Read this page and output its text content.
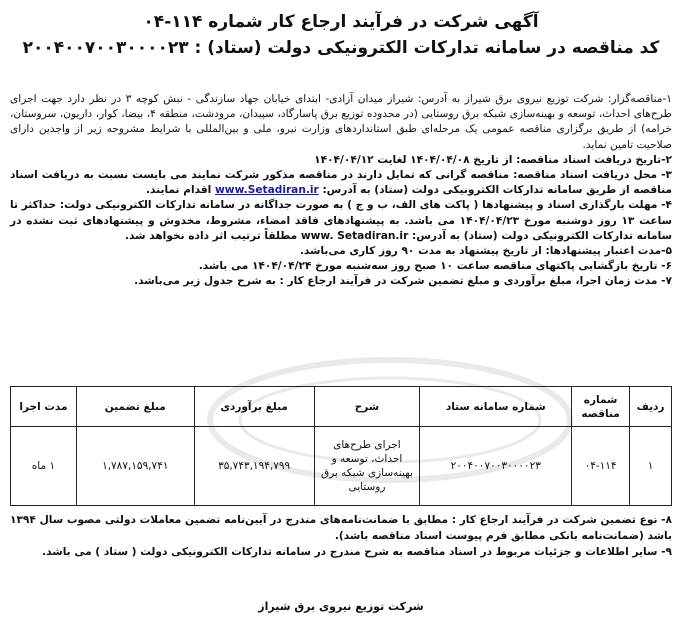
آگهی شرکت در فرآیند ارجاع کار شماره ۱۱۴-۰۴
کد مناقصه در سامانه تدارکات الکترونیکی دولت (ستاد) : ۲۰۰۴۰۰۷۰۰۳۰۰۰۰۲۳

۱-مناقصه‌گزار: شرکت توزیع نیروی برق شیراز به آدرس: شیراز میدان آزادی- ابتدای خیابان جهاد سازندگی - نبش کوچه ۳ در نظر دارد جهت اجرای طرح‌های احداث، توسعه و بهینه‌سازی شبکه برق روستایی (در محدوده توزیع برق پاسارگاد، سپیدان، مرودشت، منطقه ۴، بیضا، کوار، داریون، سروستان، خرامه) از طریق برگزاری مناقصه عمومی یک مرحله‌ای طبق استانداردهای وزارت نیرو، ملی و بین‌المللی با شرایط مشروحه زیر از واجدین دارای صلاحیت تامین نماید.

۲-تاریخ دریافت اسناد مناقصه: از تاریخ ۱۴۰۴/۰۴/۰۸ لغایت ۱۴۰۴/۰۴/۱۲

۳- محل دریافت اسناد مناقصه: مناقصه گرانی که تمایل دارند در مناقصه مذکور شرکت نمایند می بایست نسبت به دریافت اسناد مناقصه از طریق سامانه تدارکات الکترونیکی دولت (ستاد) به آدرس: www.Setadiran.ir اقدام نمایند.

۴- مهلت بارگذاری اسناد و پیشنهادها ( پاکت های الف، ب و ج ) به صورت جداگانه در سامانه تدارکات الکترونیکی دولت: حداکثر تا ساعت ۱۳ روز دوشنبه مورخ ۱۴۰۴/۰۴/۲۳ می باشد. به پیشنهادهای فاقد امضاء، مشروط، مخدوش و پیشنهادهای ثبت نشده در سامانه تدارکات الکترونیکی دولت (ستاد) به آدرس: www. Setadiran.ir مطلقاً ترتیب اثر داده نخواهد شد.

۵-مدت اعتبار پیشنهادها: از تاریخ پیشنهاد به مدت ۹۰ روز کاری می‌باشد.

۶- تاریخ بازگشایی پاکتهای مناقصه ساعت ۱۰ صبح روز سه‌شنبه مورخ ۱۴۰۴/۰۴/۲۴ می باشد.

۷- مدت زمان اجرا، مبلغ برآوردی و مبلغ تضمین شرکت در فرآیند ارجاع کار : به شرح جدول زیر می‌باشد.

ردیف	شماره مناقصه	شماره سامانه ستاد	شرح	مبلغ برآوردی	مبلغ تضمین	مدت اجرا
۱	۰۴-۱۱۴	۲۰۰۴۰۰۷۰۰۳۰۰۰۰۲۳	اجرای طرح‌های احداث، توسعه و بهینه‌سازی شبکه برق روستایی	۳۵,۷۴۳,۱۹۴,۷۹۹	۱,۷۸۷,۱۵۹,۷۴۱	۱ ماه

۸- نوع تضمین شرکت در فرآیند ارجاع کار : مطابق با ضمانت‌نامه‌های مندرج در آیین‌نامه تضمین معاملات دولتی مصوب سال ۱۳۹۴ باشد (ضمانت‌نامه بانکی مطابق فرم پیوست اسناد مناقصه باشد).

۹- سایر اطلاعات و جزئیات مربوط در اسناد مناقصه به شرح مندرج در سامانه تدارکات الکترونیکی دولت ( ستاد ) می باشد.

شرکت توزیع نیروی برق شیراز
